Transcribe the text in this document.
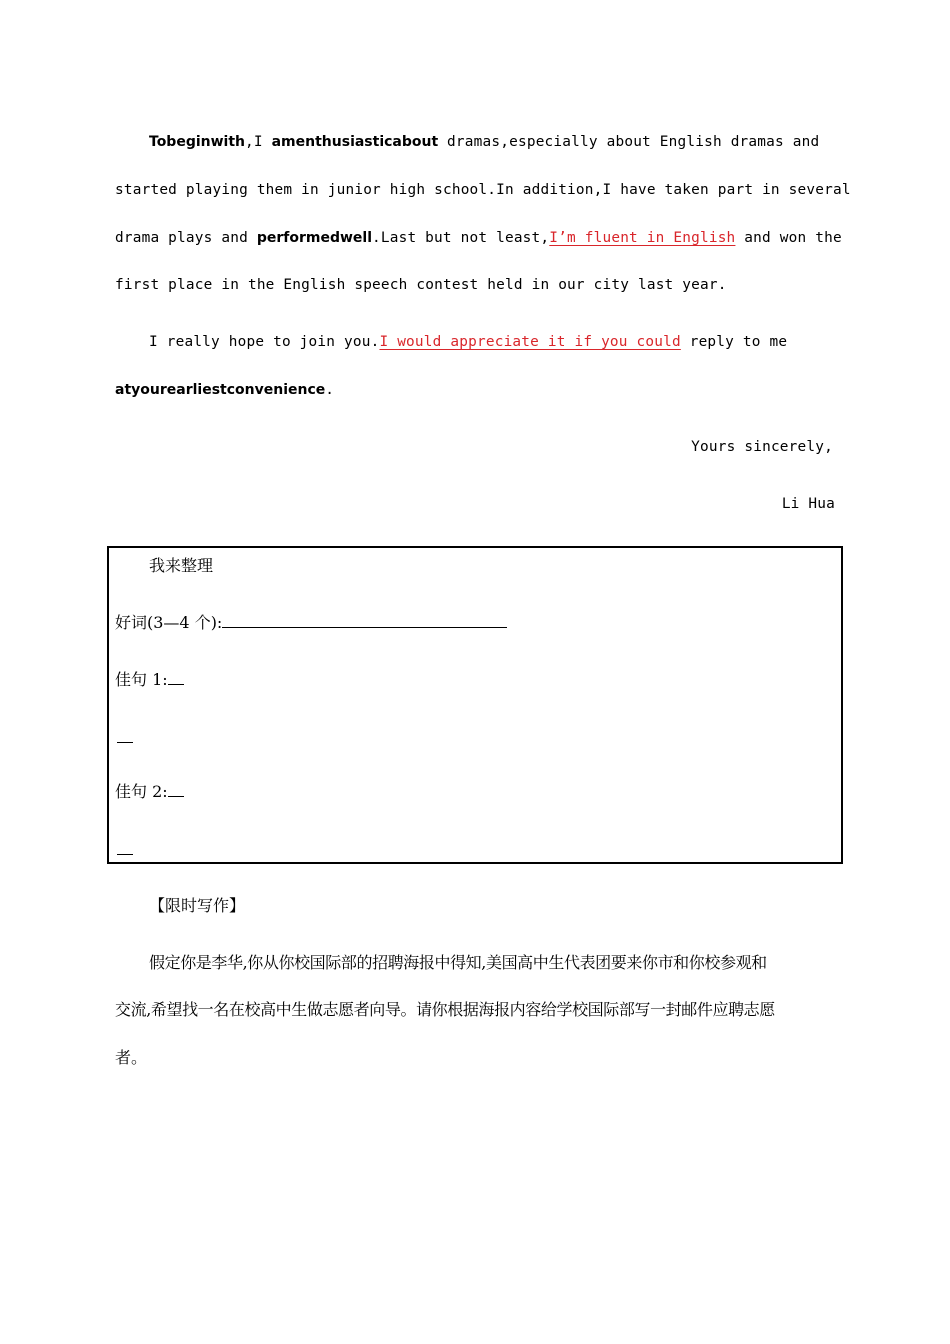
Tobeginwith,I amenthusiasticabout dramas,especially about English dramas and
started playing them in junior high school.In addition,I have taken part in several
drama plays and performedwell.Last but not least,I’m fluent in English and won the
first place in the English speech contest held in our city last year.
I really hope to join you.I would appreciate it if you could reply to me
atyourearliestconvenience.
Yours sincerely,
Li Hua
我来整理
好词(3—4 个):
佳句 1:
佳句 2:
【限时写作】
假定你是李华,你从你校国际部的招聘海报中得知,美国高中生代表团要来你市和你校参观和
交流,希望找一名在校高中生做志愿者向导。请你根据海报内容给学校国际部写一封邮件应聘志愿
者。
